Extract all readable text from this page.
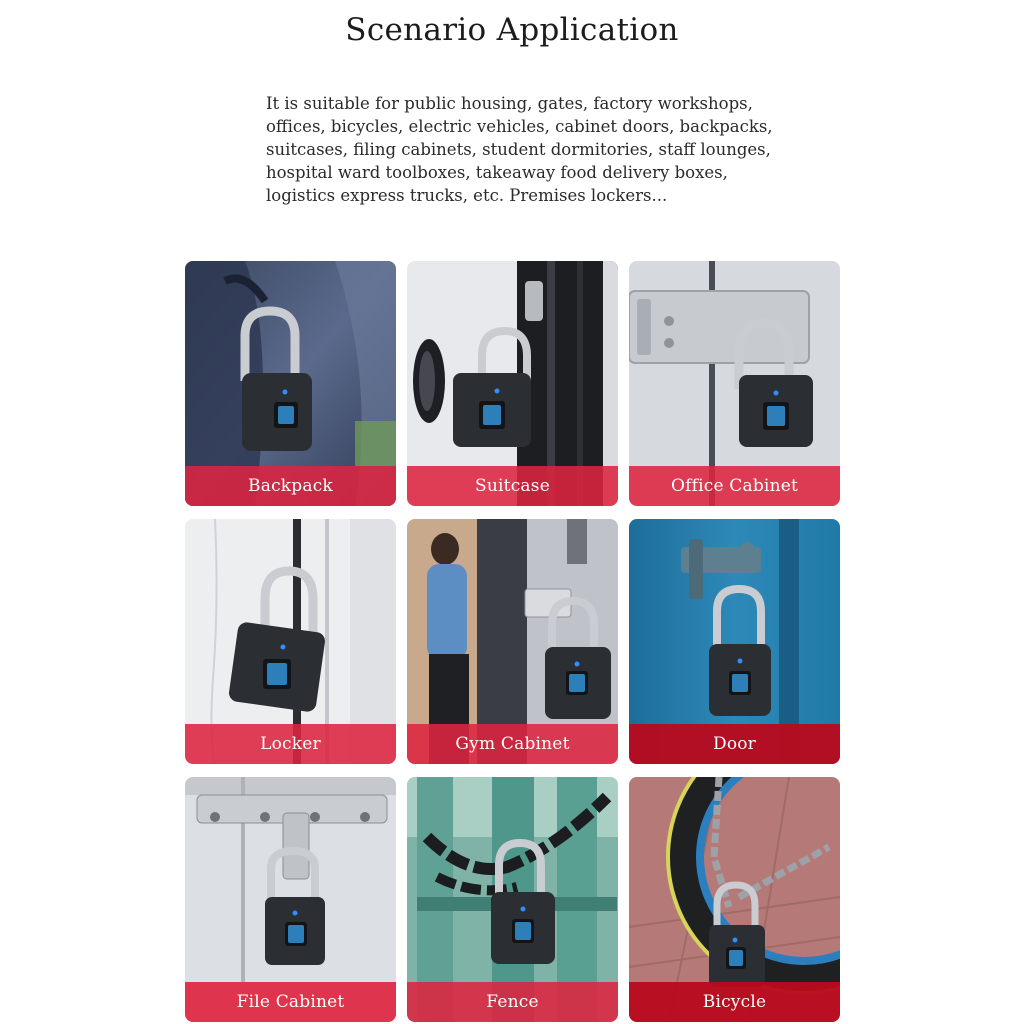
Scenario Application
It is suitable for public housing, gates, factory workshops,
offices, bicycles, electric vehicles, cabinet doors, backpacks,
suitcases, filing cabinets, student dormitories, staff lounges,
hospital ward toolboxes, takeaway food delivery boxes,
logistics express trucks, etc. Premises lockers...
Backpack	Suitcase	Office Cabinet
Locker	Gym Cabinet	Door
File Cabinet	Fence	Bicycle
